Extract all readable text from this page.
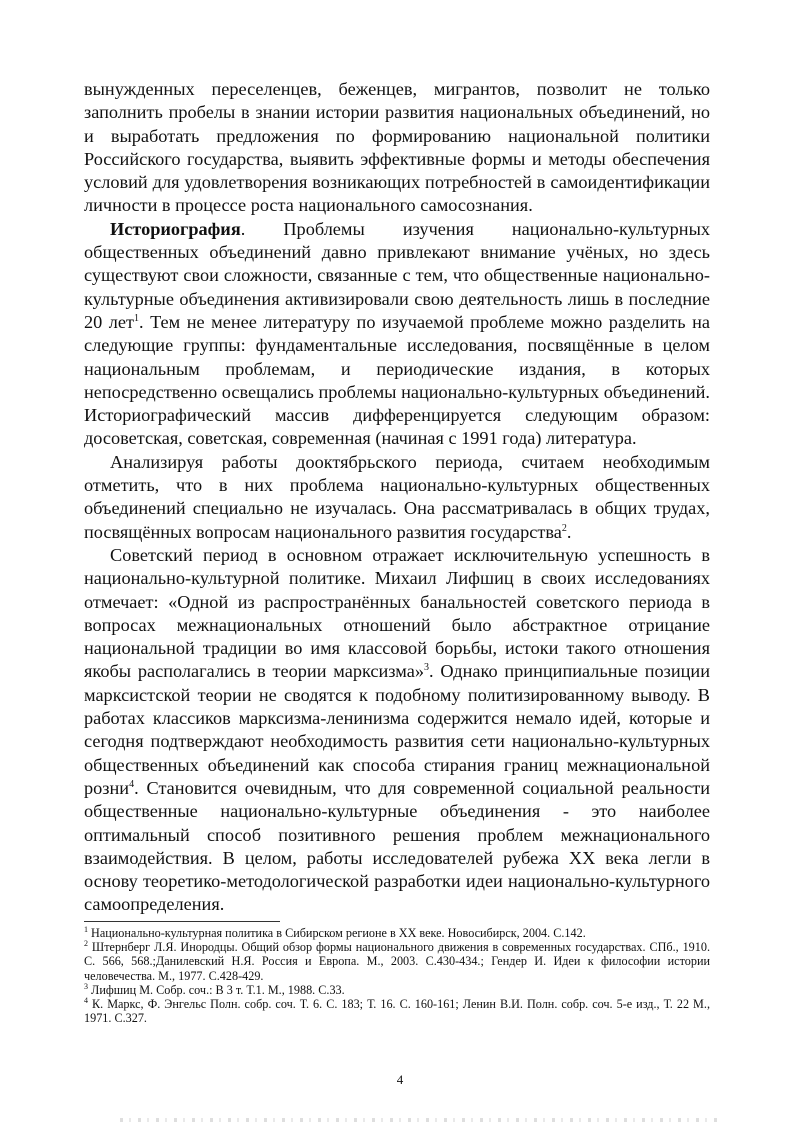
вынужденных переселенцев, беженцев, мигрантов, позволит не только заполнить пробелы в знании истории развития национальных объединений, но и выработать предложения по формированию национальной политики Российского государства, выявить эффективные формы и методы обеспечения условий для удовлетворения возникающих потребностей в самоидентификации личности в процессе роста национального самосознания.

Историография. Проблемы изучения национально-культурных общественных объединений давно привлекают внимание учёных, но здесь существуют свои сложности, связанные с тем, что общественные национально-культурные объединения активизировали свою деятельность лишь в последние 20 лет$^1$. Тем не менее литературу по изучаемой проблеме можно разделить на следующие группы: фундаментальные исследования, посвящённые в целом национальным проблемам, и периодические издания, в которых непосредственно освещались проблемы национально-культурных объединений. Историографический массив дифференцируется следующим образом: досоветская, советская, современная (начиная с 1991 года) литература.

Анализируя работы дооктябрьского периода, считаем необходимым отметить, что в них проблема национально-культурных общественных объединений специально не изучалась. Она рассматривалась в общих трудах, посвящённых вопросам национального развития государства$^2$.

Советский период в основном отражает исключительную успешность в национально-культурной политике. Михаил Лифшиц в своих исследованиях отмечает: «Одной из распространённых банальностей советского периода в вопросах межнациональных отношений было абстрактное отрицание национальной традиции во имя классовой борьбы, истоки такого отношения якобы располагались в теории марксизма»$^3$. Однако принципиальные позиции марксистской теории не сводятся к подобному политизированному выводу. В работах классиков марксизма-ленинизма содержится немало идей, которые и сегодня подтверждают необходимость развития сети национально-культурных общественных объединений как способа стирания границ межнациональной розни$^4$. Становится очевидным, что для современной социальной реальности общественные национально-культурные объединения - это наиболее оптимальный способ позитивного решения проблем межнационального взаимодействия. В целом, работы исследователей рубежа XX века легли в основу теоретико-методологической разработки идеи национально-культурного самоопределения.

$^1$ Национально-культурная политика в Сибирском регионе в XX веке. Новосибирск, 2004. С.142.

$^2$ Штернберг Л.Я. Инородцы. Общий обзор формы национального движения в современных государствах. СПб., 1910. С. 566, 568.;Данилевский Н.Я. Россия и Европа. М., 2003. С.430-434.; Гендер И. Идеи к философии истории человечества. М., 1977. С.428-429.

$^3$ Лифшиц М. Собр. соч.: В 3 т. Т.1. М., 1988. С.33.

$^4$ К. Маркс, Ф. Энгельс Полн. собр. соч. Т. 6. С. 183; Т. 16. С. 160-161; Ленин В.И. Полн. собр. соч. 5-е изд., Т. 22 М., 1971. С.327.

4
